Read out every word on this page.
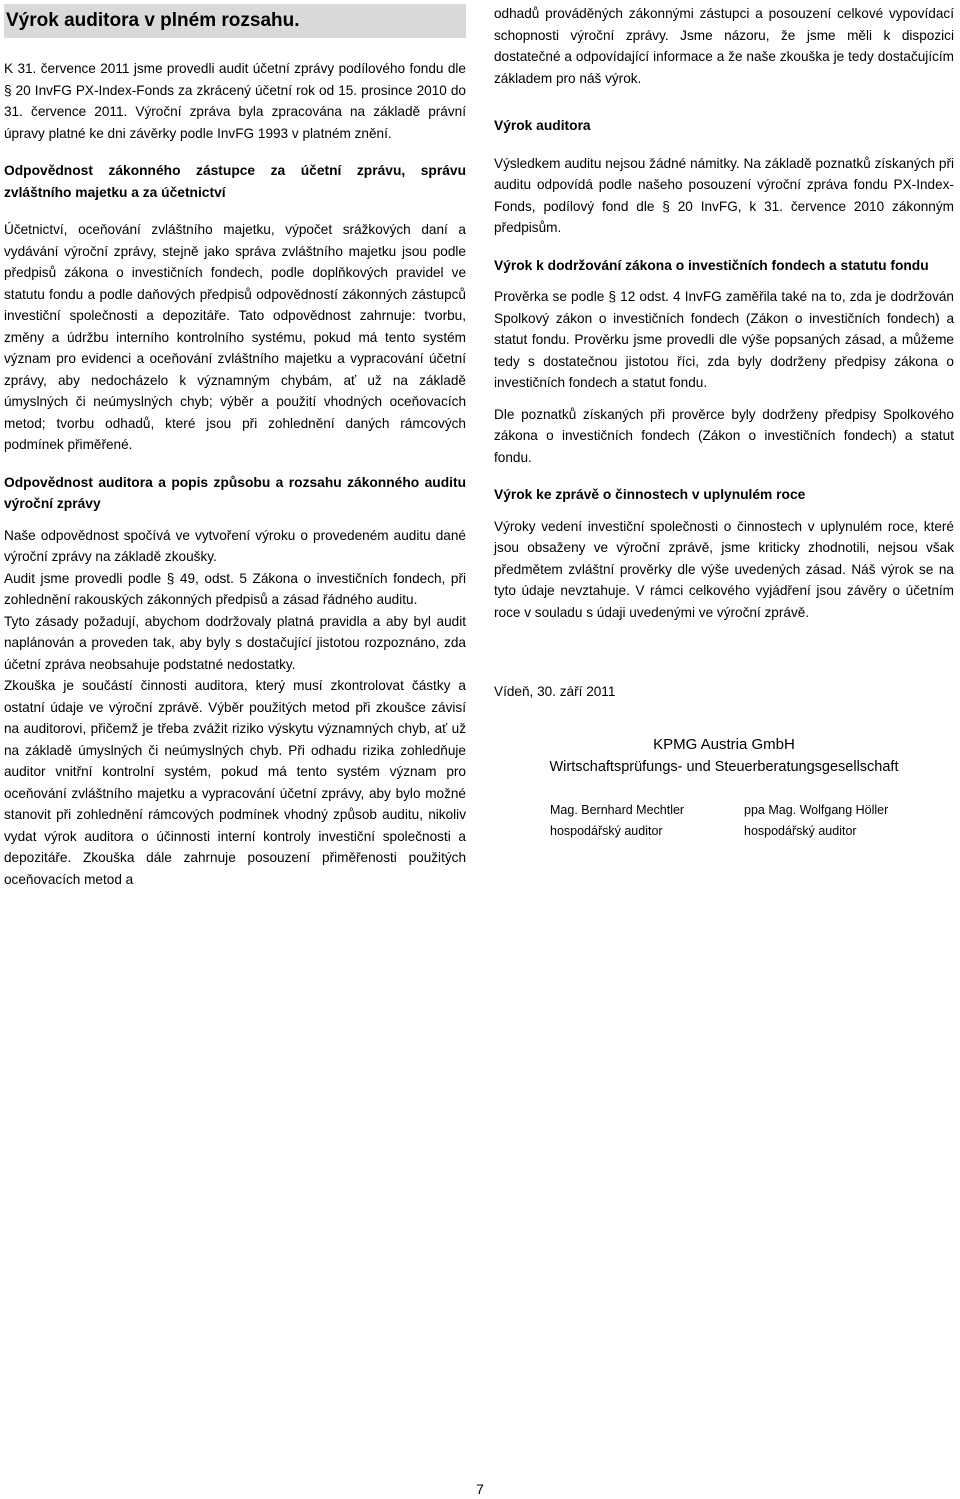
Výrok auditora v plném rozsahu.

K 31. července 2011 jsme provedli audit účetní zprávy podílového fondu dle § 20 InvFG PX-Index-Fonds za zkrácený účetní rok od 15. prosince 2010 do 31. července 2011. Výroční zpráva byla zpracována na základě právní úpravy platné ke dni závěrky podle InvFG 1993 v platném znění.

Odpovědnost zákonného zástupce za účetní zprávu, správu zvláštního majetku a za účetnictví

Účetnictví, oceňování zvláštního majetku, výpočet srážkových daní a vydávání výroční zprávy, stejně jako správa zvláštního majetku jsou podle předpisů zákona o investičních fondech, podle doplňkových pravidel ve statutu fondu a podle daňových předpisů odpovědností zákonných zástupců investiční společnosti a depozitáře. Tato odpovědnost zahrnuje: tvorbu, změny a údržbu interního kontrolního systému, pokud má tento systém význam pro evidenci a oceňování zvláštního majetku a vypracování účetní zprávy, aby nedocházelo k významným chybám, ať už na základě úmyslných či neúmyslných chyb; výběr a použití vhodných oceňovacích metod; tvorbu odhadů, které jsou při zohlednění daných rámcových podmínek přiměřené.

Odpovědnost auditora a popis způsobu a rozsahu zákonného auditu výroční zprávy

Naše odpovědnost spočívá ve vytvoření výroku o provedeném auditu dané výroční zprávy na základě zkoušky.

Audit jsme provedli podle § 49, odst. 5 Zákona o investičních fondech, při zohlednění rakouských zákonných předpisů a zásad řádného auditu.

Tyto zásady požadují, abychom dodržovaly platná pravidla a aby byl audit naplánován a proveden tak, aby byly s dostačující jistotou rozpoznáno, zda účetní zpráva neobsahuje podstatné nedostatky.

Zkouška je součástí činnosti auditora, který musí zkontrolovat částky a ostatní údaje ve výroční zprávě. Výběr použitých metod při zkoušce závisí na auditorovi, přičemž je třeba zvážit riziko výskytu významných chyb, ať už na základě úmyslných či neúmyslných chyb. Při odhadu rizika zohledňuje auditor vnitřní kontrolní systém, pokud má tento systém význam pro oceňování zvláštního majetku a vypracování účetní zprávy, aby bylo možné stanovit při zohlednění rámcových podmínek vhodný způsob auditu, nikoliv vydat výrok auditora o účinnosti interní kontroly investiční společnosti a depozitáře. Zkouška dále zahrnuje posouzení přiměřenosti použitých oceňovacích metod a

odhadů prováděných zákonnými zástupci a posouzení celkové vypovídací schopnosti výroční zprávy. Jsme názoru, že jsme měli k dispozici dostatečné a odpovídající informace a že naše zkouška je tedy dostačujícím základem pro náš výrok.

Výrok auditora

Výsledkem auditu nejsou žádné námitky. Na základě poznatků získaných při auditu odpovídá podle našeho posouzení výroční zpráva fondu PX-Index-Fonds, podílový fond dle § 20 InvFG, k 31. července 2010 zákonným předpisům.

Výrok k dodržování zákona o investičních fondech a statutu fondu

Prověrka se podle § 12 odst. 4 InvFG zaměřila také na to, zda je dodržován Spolkový zákon o investičních fondech (Zákon o investičních fondech) a statut fondu. Prověrku jsme provedli dle výše popsaných zásad, a můžeme tedy s dostatečnou jistotou říci, zda byly dodrženy předpisy zákona o investičních fondech a statut fondu.

Dle poznatků získaných při prověrce byly dodrženy předpisy Spolkového zákona o investičních fondech (Zákon o investičních fondech) a statut fondu.

Výrok ke zprávě o činnostech v uplynulém roce

Výroky vedení investiční společnosti o činnostech v uplynulém roce, které jsou obsaženy ve výroční zprávě, jsme kriticky zhodnotili, nejsou však předmětem zvláštní prověrky dle výše uvedených zásad. Náš výrok se na tyto údaje nevztahuje. V rámci celkového vyjádření jsou závěry o účetním roce v souladu s údaji uvedenými ve výroční zprávě.

Vídeň, 30. září 2011

KPMG Austria GmbH
Wirtschaftsprüfungs- und Steuerberatungsgesellschaft
Mag. Bernhard Mechtler
hospodářský auditor
ppa Mag. Wolfgang Höller
hospodářský auditor
7
